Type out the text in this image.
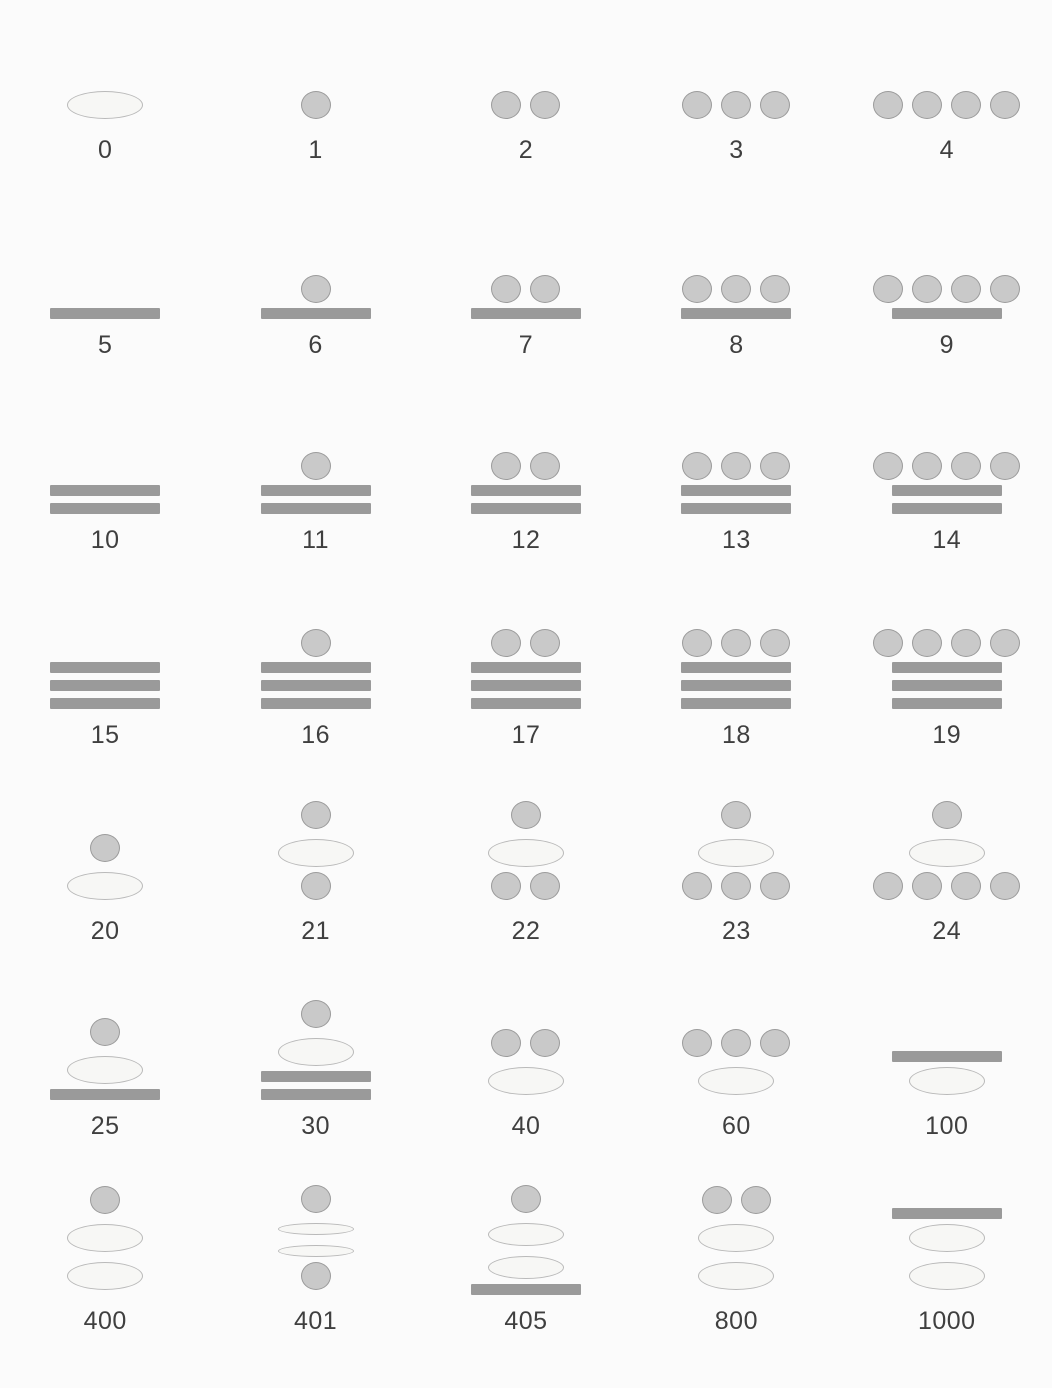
0	1	2	3	4
5	6	7	8	9
10	11	12	13	14
15	16	17	18	19
20	21	22	23	24
25	30	40	60	100
400	401	405	800	1000
